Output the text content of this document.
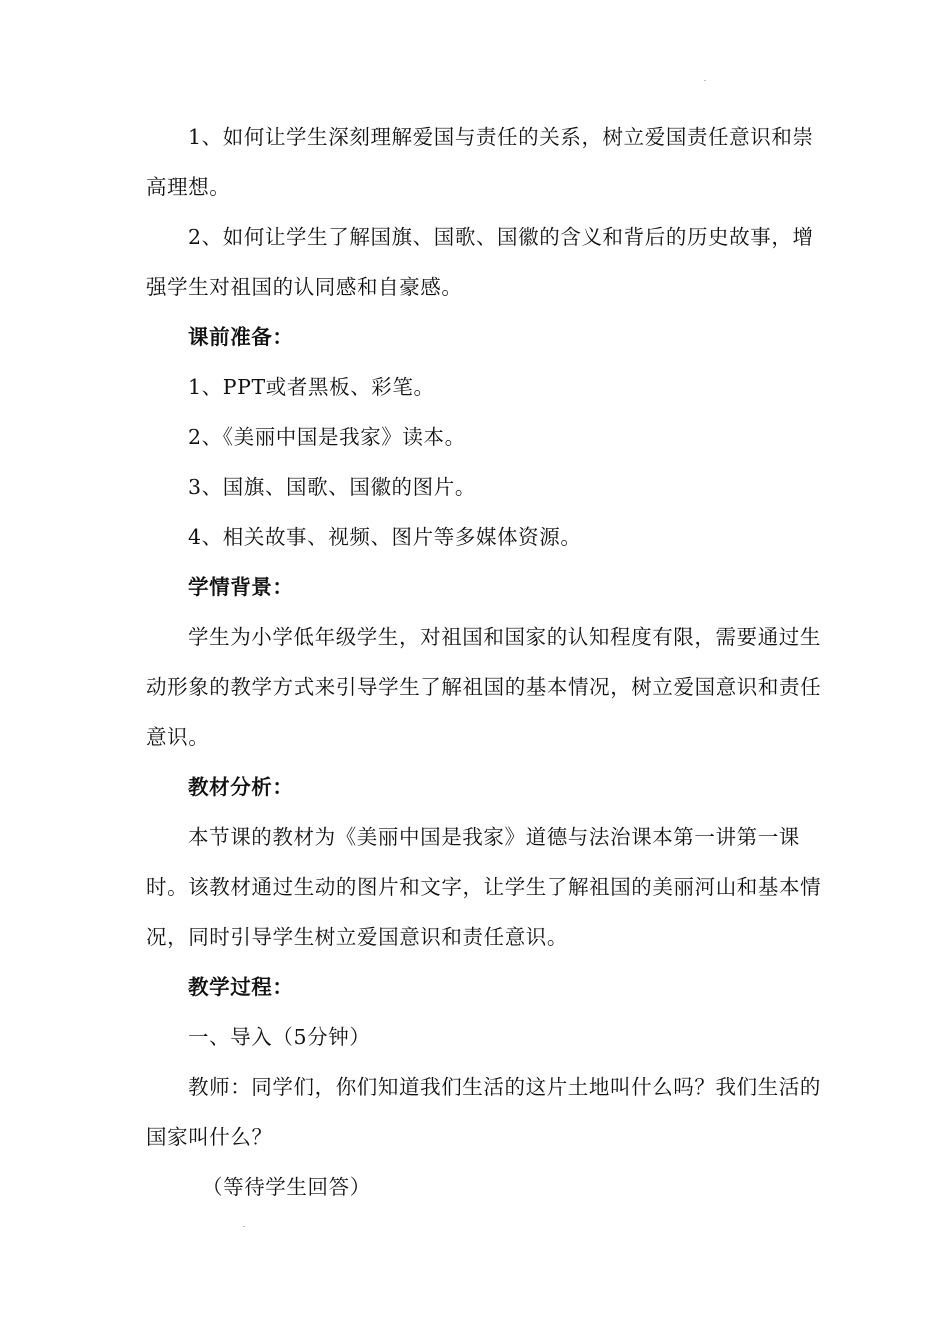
1、如何让学生深刻理解爱国与责任的关系，树立爱国责任意识和崇高理想。

2、如何让学生了解国旗、国歌、国徽的含义和背后的历史故事，增强学生对祖国的认同感和自豪感。

课前准备：

1、PPT或者黑板、彩笔。

2、《美丽中国是我家》读本。

3、国旗、国歌、国徽的图片。

4、相关故事、视频、图片等多媒体资源。

学情背景：

学生为小学低年级学生，对祖国和国家的认知程度有限，需要通过生动形象的教学方式来引导学生了解祖国的基本情况，树立爱国意识和责任意识。

教材分析：

本节课的教材为《美丽中国是我家》道德与法治课本第一讲第一课时。该教材通过生动的图片和文字，让学生了解祖国的美丽河山和基本情况，同时引导学生树立爱国意识和责任意识。

教学过程：

一、导入（5分钟）

教师：同学们，你们知道我们生活的这片土地叫什么吗？我们生活的国家叫什么？

（等待学生回答）
